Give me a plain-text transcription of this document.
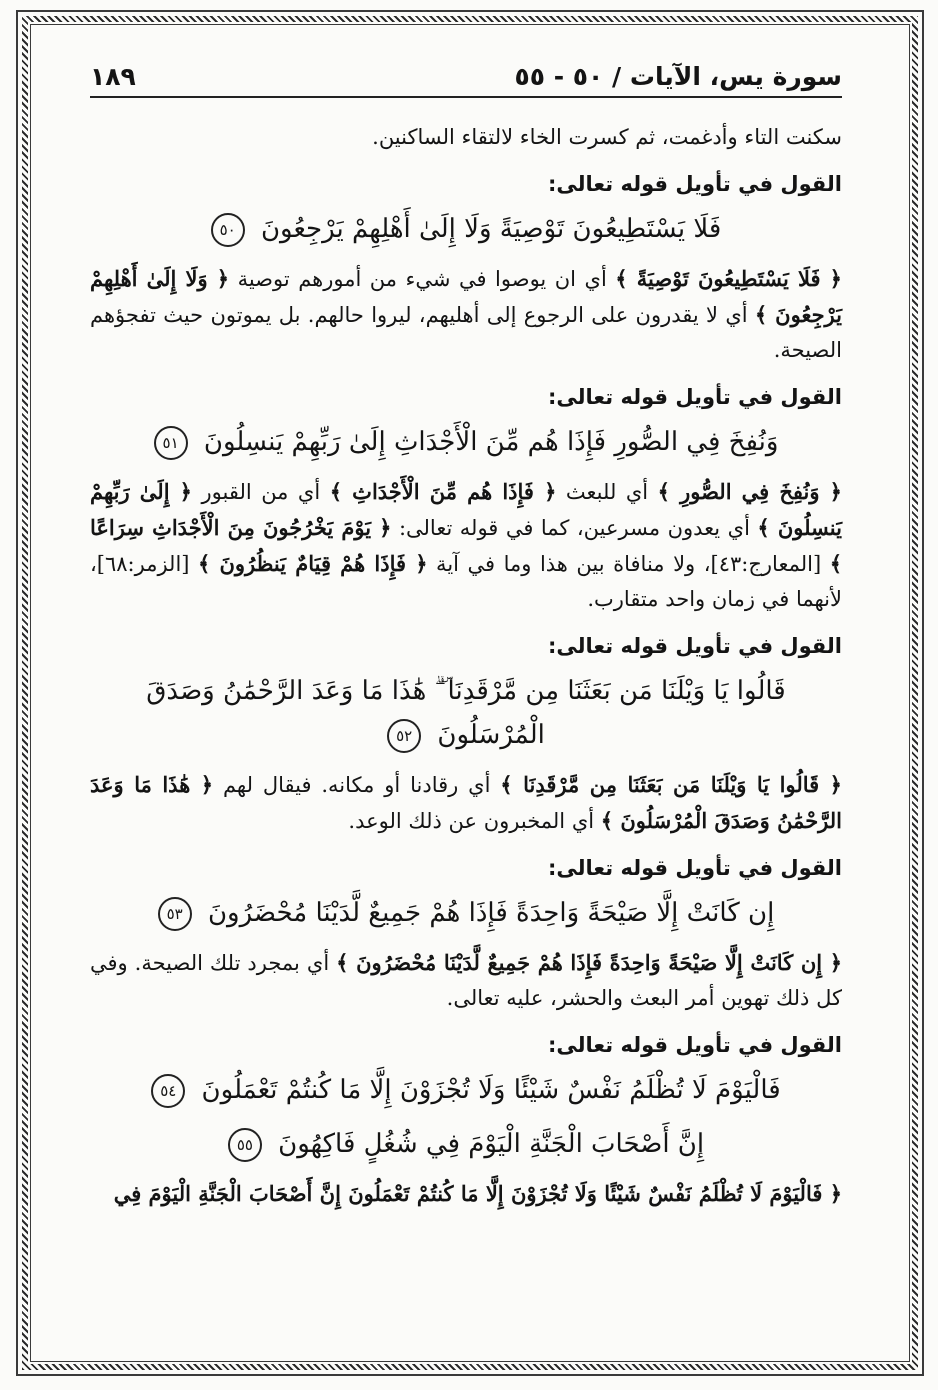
سورة يس، الآيات / ٥٠ - ٥٥
١٨٩

سكنت التاء وأدغمت، ثم كسرت الخاء لالتقاء الساكنين.

القول في تأويل قوله تعالى:
فَلَا يَسْتَطِيعُونَ تَوْصِيَةً وَلَا إِلَىٰ أَهْلِهِمْ يَرْجِعُونَ ٥٠

﴿ فَلَا يَسْتَطِيعُونَ تَوْصِيَةً ﴾ أي ان يوصوا في شيء من أمورهم توصية ﴿ وَلَا إِلَىٰ أَهْلِهِمْ يَرْجِعُونَ ﴾ أي لا يقدرون على الرجوع إلى أهليهم، ليروا حالهم. بل يموتون حيث تفجؤهم الصيحة.

القول في تأويل قوله تعالى:
وَنُفِخَ فِي الصُّورِ فَإِذَا هُم مِّنَ الْأَجْدَاثِ إِلَىٰ رَبِّهِمْ يَنسِلُونَ ٥١

﴿ وَنُفِخَ فِي الصُّورِ ﴾ أي للبعث ﴿ فَإِذَا هُم مِّنَ الْأَجْدَاثِ ﴾ أي من القبور ﴿ إِلَىٰ رَبِّهِمْ يَنسِلُونَ ﴾ أي يعدون مسرعين، كما في قوله تعالى: ﴿ يَوْمَ يَخْرُجُونَ مِنَ الْأَجْدَاثِ سِرَاعًا ﴾ [المعارج:٤٣]، ولا منافاة بين هذا وما في آية ﴿ فَإِذَا هُمْ قِيَامٌ يَنظُرُونَ ﴾ [الزمر:٦٨]، لأنهما في زمان واحد متقارب.

القول في تأويل قوله تعالى:
قَالُوا يَا وَيْلَنَا مَن بَعَثَنَا مِن مَّرْقَدِنَا ۜ ۗ هَٰذَا مَا وَعَدَ الرَّحْمَٰنُ وَصَدَقَ الْمُرْسَلُونَ ٥٢

﴿ قَالُوا يَا وَيْلَنَا مَن بَعَثَنَا مِن مَّرْقَدِنَا ﴾ أي رقادنا أو مكانه. فيقال لهم ﴿ هَٰذَا مَا وَعَدَ الرَّحْمَٰنُ وَصَدَقَ الْمُرْسَلُونَ ﴾ أي المخبرون عن ذلك الوعد.

القول في تأويل قوله تعالى:
إِن كَانَتْ إِلَّا صَيْحَةً وَاحِدَةً فَإِذَا هُمْ جَمِيعٌ لَّدَيْنَا مُحْضَرُونَ ٥٣

﴿ إِن كَانَتْ إِلَّا صَيْحَةً وَاحِدَةً فَإِذَا هُمْ جَمِيعٌ لَّدَيْنَا مُحْضَرُونَ ﴾ أي بمجرد تلك الصيحة. وفي كل ذلك تهوين أمر البعث والحشر، عليه تعالى.

القول في تأويل قوله تعالى:
فَالْيَوْمَ لَا تُظْلَمُ نَفْسٌ شَيْئًا وَلَا تُجْزَوْنَ إِلَّا مَا كُنتُمْ تَعْمَلُونَ ٥٤
إِنَّ أَصْحَابَ الْجَنَّةِ الْيَوْمَ فِي شُغُلٍ فَاكِهُونَ ٥٥

﴿ فَالْيَوْمَ لَا تُظْلَمُ نَفْسٌ شَيْئًا وَلَا تُجْزَوْنَ إِلَّا مَا كُنتُمْ تَعْمَلُونَ إِنَّ أَصْحَابَ الْجَنَّةِ الْيَوْمَ فِي
